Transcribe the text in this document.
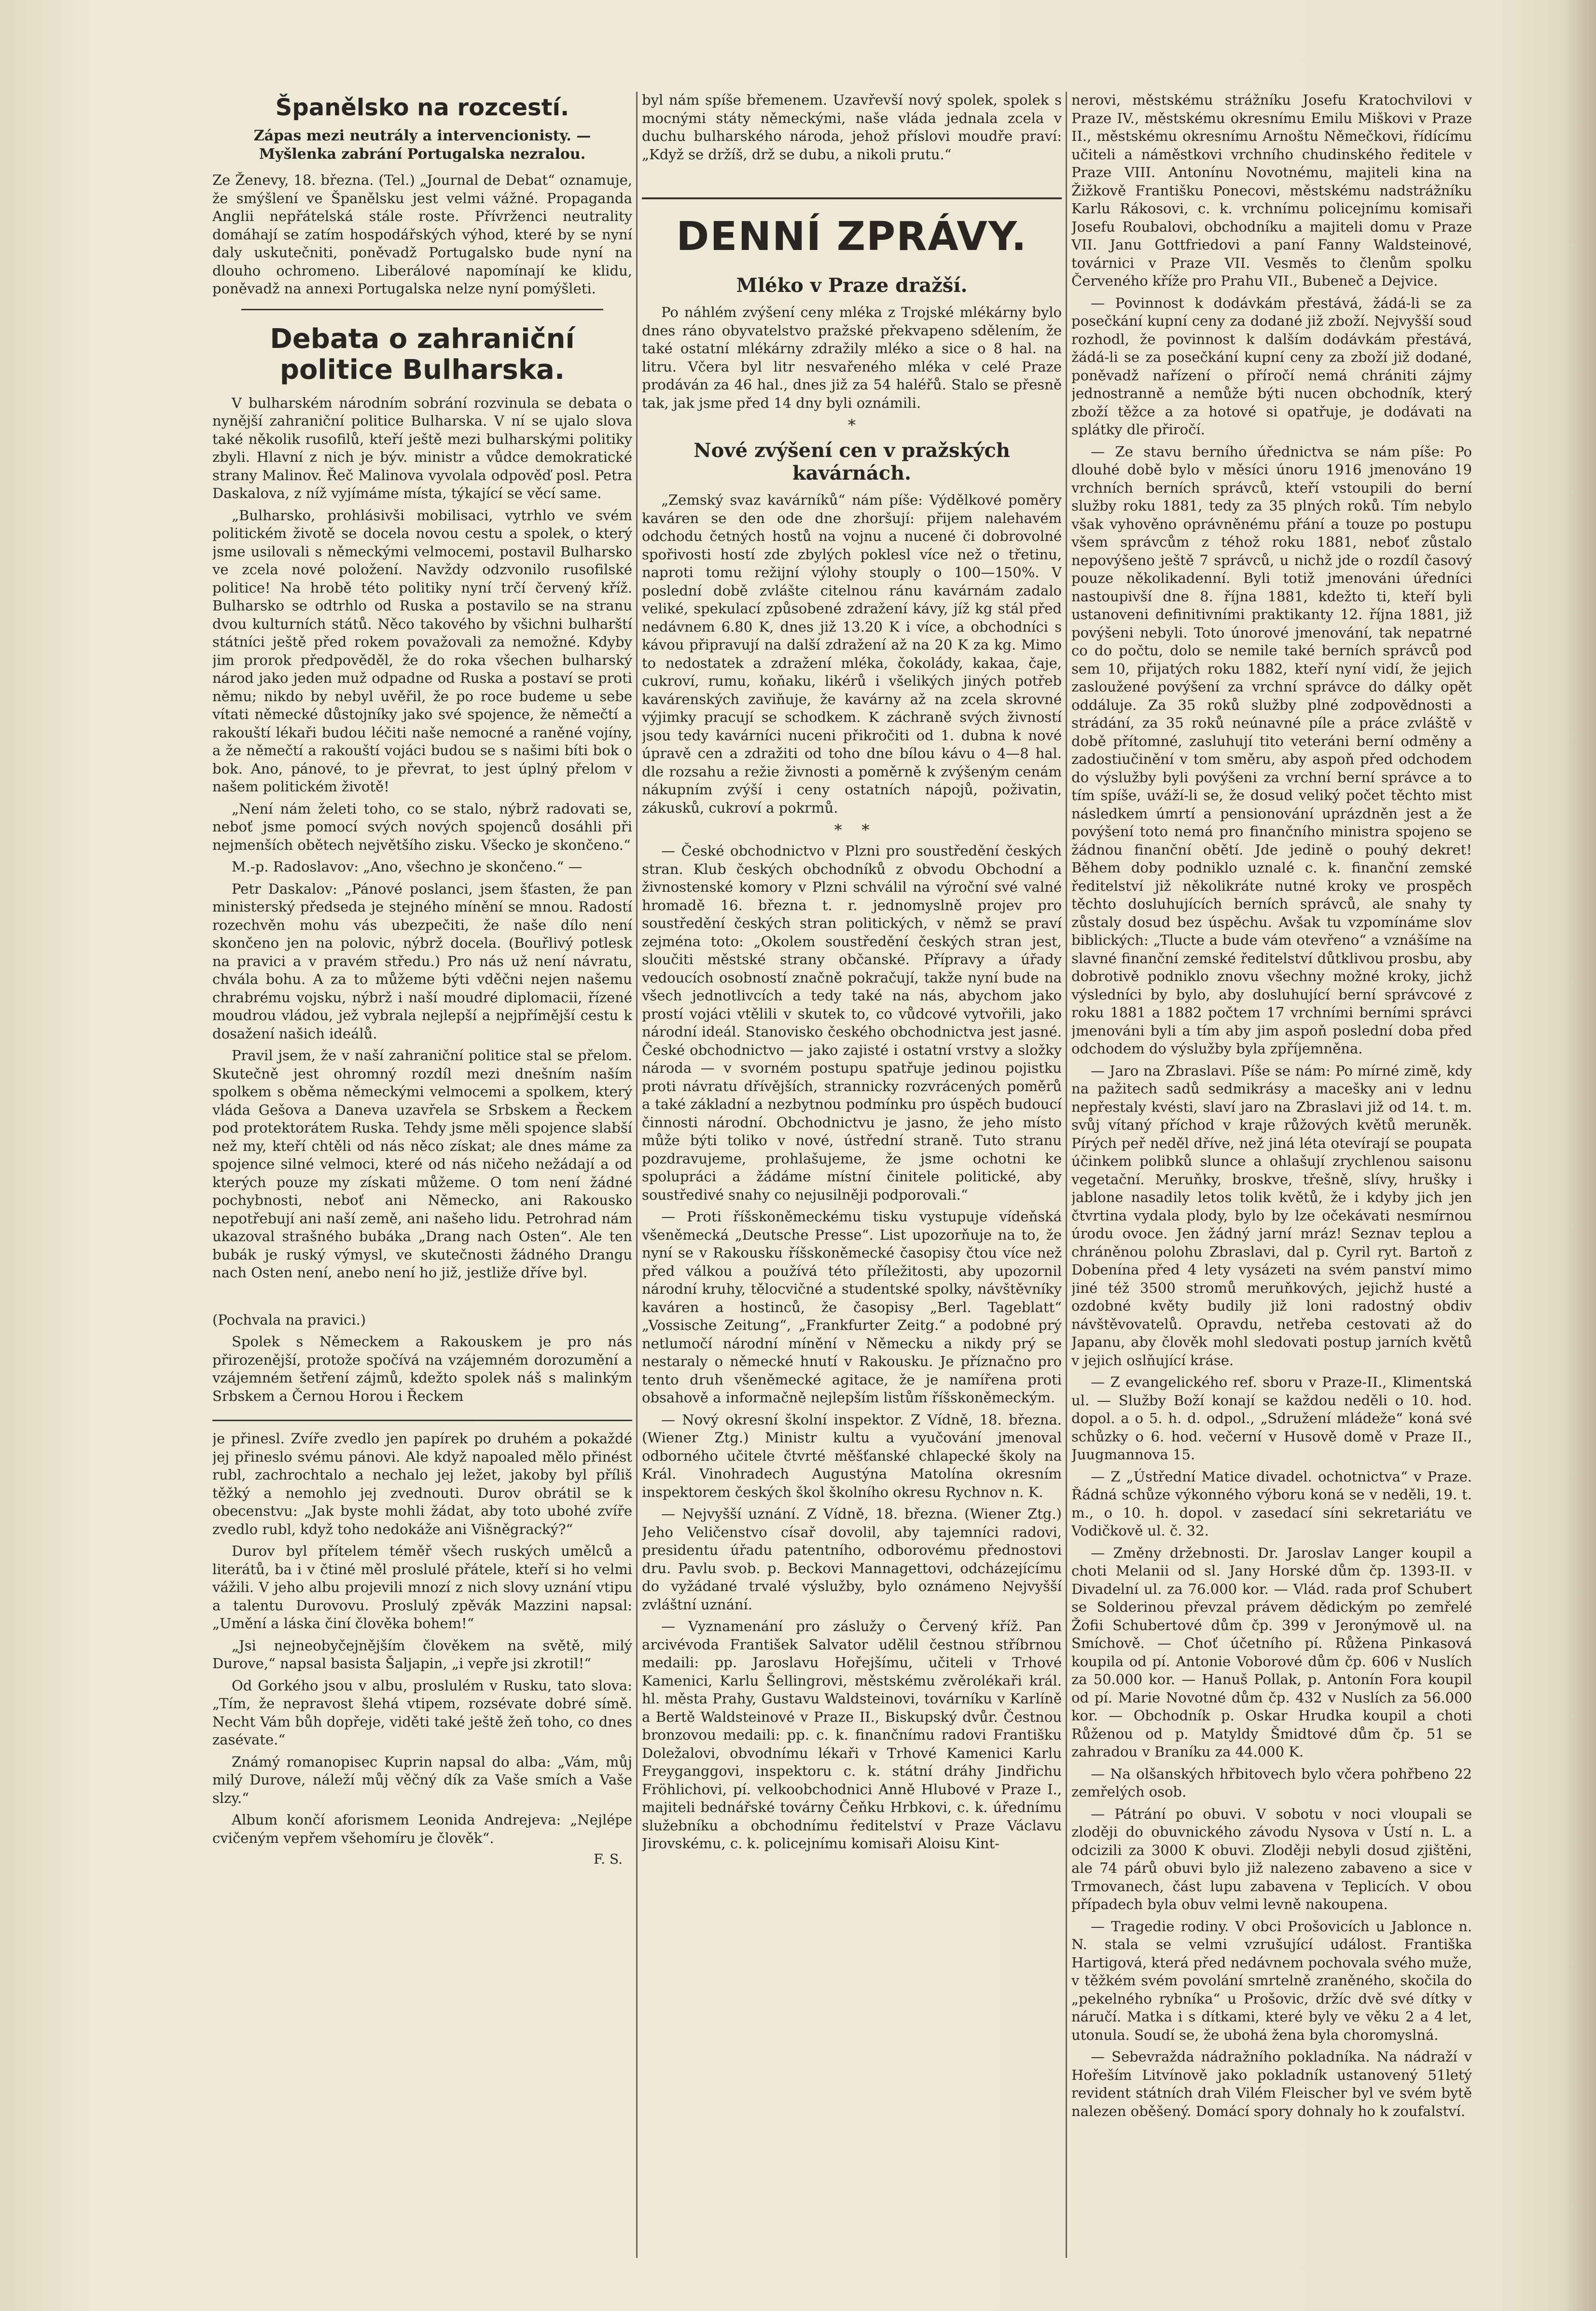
Španělsko na rozcestí.
Zápas mezi neutrály a intervencionisty. — Myšlenka zabrání Portugalska nezralou.

Ze Ženevy, 18. března. (Tel.) „Journal de Debat“ oznamuje, že smýšlení ve Španělsku jest velmi vážné. Propaganda Anglii nepřátelská stále roste. Přívrženci neutrality domáhají se zatím hospodářských výhod, které by se nyní daly uskutečniti, poněvadž Portugalsko bude nyní na dlouho ochromeno. Liberálové napomínají ke klidu, poněvadž na annexi Portugalska nelze nyní pomýšleti.

Debata o zahraniční politice Bulharska.

V bulharském národním sobrání rozvinula se debata o nynější zahraniční politice Bulharska. V ní se ujalo slova také několik rusofilů, kteří ještě mezi bulharskými politiky zbyli. Hlavní z nich je býv. ministr a vůdce demokratické strany Malinov. Řeč Malinova vyvolala odpověď posl. Petra Daskalova, z níž vyjímáme místa, týkající se věcí same.

„Bulharsko, prohlásivši mobilisaci, vytrhlo ve svém politickém životě se docela novou cestu a spolek, o který jsme usilovali s německými velmocemi, postavil Bulharsko ve zcela nové položení. Navždy odzvonilo rusofilské politice! Na hrobě této politiky nyní trčí červený kříž. Bulharsko se odtrhlo od Ruska a postavilo se na stranu dvou kulturních států. Něco takového by všichni bulharští státníci ještě před rokem považovali za nemožné. Kdyby jim prorok předpověděl, že do roka všechen bulharský národ jako jeden muž odpadne od Ruska a postaví se proti němu; nikdo by nebyl uvěřil, že po roce budeme u sebe vítati německé důstojníky jako své spojence, že němečtí a rakouští lékaři budou léčiti naše nemocné a raněné vojíny, a že němečtí a rakouští vojáci budou se s našimi bíti bok o bok. Ano, pánové, to je převrat, to jest úplný přelom v našem politickém životě!

„Není nám želeti toho, co se stalo, nýbrž radovati se, neboť jsme pomocí svých nových spojenců dosáhli při nejmenších obětech největšího zisku. Všecko je skončeno.“

M.-p. Radoslavov: „Ano, všechno je skončeno.“ —

Petr Daskalov: „Pánové poslanci, jsem šťasten, že pan ministerský předseda je stejného mínění se mnou. Radostí rozechvěn mohu vás ubezpečiti, že naše dílo není skončeno jen na polovic, nýbrž docela. (Bouřlivý potlesk na pravici a v pravém středu.) Pro nás už není návratu, chvála bohu. A za to můžeme býti vděčni nejen našemu chrabrému vojsku, nýbrž i naší moudré diplomacii, řízené moudrou vládou, jež vybrala nejlepší a nejpřímější cestu k dosažení našich ideálů.

Pravil jsem, že v naší zahraniční politice stal se přelom. Skutečně jest ohromný rozdíl mezi dnešním naším spolkem s oběma německými velmocemi a spolkem, který vláda Gešova a Daneva uzavřela se Srbskem a Řeckem pod protektorátem Ruska. Tehdy jsme měli spojence slabší než my, kteří chtěli od nás něco získat; ale dnes máme za spojence silné velmoci, které od nás ničeho nežádají a od kterých pouze my získati můžeme. O tom není žádné pochybnosti, neboť ani Německo, ani Rakousko nepotřebují ani naší země, ani našeho lidu. Petrohrad nám ukazoval strašného bubáka „Drang nach Osten“. Ale ten bubák je ruský výmysl, ve skutečnosti žádného Drangu nach Osten není, anebo není ho již, jestliže dříve byl.

(Pochvala na pravici.)

Spolek s Německem a Rakouskem je pro nás přirozenější, protože spočívá na vzájemném dorozumění a vzájemném šetření zájmů, kdežto spolek náš s malinkým Srbskem a Černou Horou i Řeckem

je přinesl. Zvíře zvedlo jen papírek po druhém a pokaždé jej přineslo svému pánovi. Ale když napoaled mělo přinést rubl, zachrochtalo a nechalo jej ležet, jakoby byl příliš těžký a nemohlo jej zvednouti. Durov obrátil se k obecenstvu: „Jak byste mohli žádat, aby toto ubohé zvíře zvedlo rubl, když toho nedokáže ani Višněgracký?“

Durov byl přítelem téměř všech ruských umělců a literátů, ba i v čtiné měl proslulé přátele, kteří si ho velmi vážili. V jeho albu projevili mnozí z nich slovy uznání vtipu a talentu Durovovu. Proslulý zpěvák Mazzini napsal: „Umění a láska činí člověka bohem!“

„Jsi nejneobyčejnějším člověkem na světě, milý Durove,“ napsal basista Šaljapin, „i vepře jsi zkrotil!“

Od Gorkého jsou v albu, proslulém v Rusku, tato slova: „Tím, že nepravost šlehá vtipem, rozsévate dobré símě. Necht Vám bůh dopřeje, viděti také ještě žeň toho, co dnes zasévate.“

Známý romanopisec Kuprin napsal do alba: „Vám, můj milý Durove, náleží můj věčný dík za Vaše smích a Vaše slzy.“

Album končí aforismem Leonida Andrejeva: „Nejlépe cvičeným vepřem všehomíru je člověk“.

F. S.

byl nám spíše břemenem. Uzavřevší nový spolek, spolek s mocnými státy německými, naše vláda jednala zcela v duchu bulharského národa, jehož příslovi moudře praví: „Když se držíš, drž se dubu, a nikoli prutu.“

DENNÍ ZPRÁVY.
Mléko v Praze dražší.

Po náhlém zvýšení ceny mléka z Trojské mlékárny bylo dnes ráno obyvatelstvo pražské překvapeno sdělením, že také ostatní mlékárny zdražily mléko a sice o 8 hal. na litru. Včera byl litr nesvařeného mléka v celé Praze prodáván za 46 hal., dnes již za 54 haléřů. Stalo se přesně tak, jak jsme před 14 dny byli oznámili.

*
Nové zvýšení cen v pražských kavárnách.

„Zemský svaz kavárníků“ nám píše: Výdělkové poměry kaváren se den ode dne zhoršují: přijem nalehavém odchodu četných hostů na vojnu a nucené či dobrovolné spořivosti hostí zde zbylých poklesl více než o třetinu, naproti tomu režijní výlohy stouply o 100—150%. V poslední době zvlášte citelnou ránu kavárnám zadalo veliké, spekulací způsobené zdražení kávy, jíž kg stál před nedávnem 6.80 K, dnes již 13.20 K i více, a obchodníci s kávou připravují na další zdražení až na 20 K za kg. Mimo to nedostatek a zdražení mléka, čokolády, kakaa, čaje, cukroví, rumu, koňaku, likérů i všelikých jiných potřeb kavárenských zaviňuje, že kavárny až na zcela skrovné výjimky pracují se schodkem. K záchraně svých živností jsou tedy kavárníci nuceni přikročiti od 1. dubna k nové úpravě cen a zdražiti od toho dne bílou kávu o 4—8 hal. dle rozsahu a režie živnosti a poměrně k zvýšeným cenám nákupním zvýší i ceny ostatních nápojů, poživatin, zákusků, cukroví a pokrmů.

*    *

— České obchodnictvo v Plzni pro soustředění českých stran. Klub českých obchodníků z obvodu Obchodní a živnostenské komory v Plzni schválil na výroční své valné hromadě 16. března t. r. jednomyslně projev pro soustředění českých stran politických, v němž se praví zejména toto: „Okolem soustředění českých stran jest, sloučiti městské strany občanské. Přípravy a úřady vedoucích osobností značně pokračují, takže nyní bude na všech jednotlivcích a tedy také na nás, abychom jako prostí vojáci vtělili v skutek to, co vůdcové vytvořili, jako národní ideál. Stanovisko českého obchodnictva jest jasné. České obchodnictvo — jako zajisté i ostatní vrstvy a složky národa — v svorném postupu spatřuje jedinou pojistku proti návratu dřívějších, strannicky rozvrácených poměrů a také základní a nezbytnou podmínku pro úspěch budoucí činnosti národní. Obchodnictvu je jasno, že jeho místo může býti toliko v nové, ústřední straně. Tuto stranu pozdravujeme, prohlašujeme, že jsme ochotni ke spolupráci a žádáme místní činitele politické, aby soustředivé snahy co nejusilněji podporovali.“

— Proti říšskoněmeckému tisku vystupuje vídeňská všeněmecká „Deutsche Presse“. List upozorňuje na to, že nyní se v Rakousku říšskoněmecké časopisy čtou více než před válkou a používá této příležitosti, aby upozornil národní kruhy, tělocvičné a studentské spolky, návštěvníky kaváren a hostinců, že časopisy „Berl. Tageblatt“ „Vossische Zeitung“, „Frankfurter Zeitg.“ a podobné prý netlumočí národní mínění v Německu a nikdy prý se nestaraly o německé hnutí v Rakousku. Je příznačno pro tento druh všeněmecké agitace, že je namířena proti obsahově a informačně nejlepším listům říšskoněmeckým.

— Nový okresní školní inspektor. Z Vídně, 18. března. (Wiener Ztg.) Ministr kultu a vyučování jmenoval odborného učitele čtvrté měšťanské chlapecké školy na Král. Vinohradech Augustýna Matolína okresním inspektorem českých škol školního okresu Rychnov n. K.

— Nejvyšší uznání. Z Vídně, 18. března. (Wiener Ztg.) Jeho Veličenstvo císař dovolil, aby tajemníci radovi, presidentu úřadu patentního, odborovému přednostovi dru. Pavlu svob. p. Beckovi Mannagettovi, odcházejícímu do vyžádané trvalé výslužby, bylo oznámeno Nejvyšší zvláštní uznání.

— Vyznamenání pro záslužy o Červený kříž. Pan arcivévoda František Salvator udělil čestnou stříbrnou medaili: pp. Jaroslavu Hořejšímu, učiteli v Trhové Kamenici, Karlu Šellingrovi, městskému zvěrolékaři král. hl. města Prahy, Gustavu Waldsteinovi, továrníku v Karlíně a Bertě Waldsteinové v Praze II., Biskupský dvůr. Čestnou bronzovou medaili: pp. c. k. finančnímu radovi Františku Doležalovi, obvodnímu lékaři v Trhové Kamenici Karlu Freyganggovi, inspektoru c. k. státní dráhy Jindřichu Fröhlichovi, pí. velkoobchodnici Anně Hlubové v Praze I., majiteli bednářské továrny Čeňku Hrbkovi, c. k. úřednímu služebníku a obchodnímu ředitelství v Praze Václavu Jirovskému, c. k. policejnímu komisaři Aloisu Kint-

nerovi, městskému strážníku Josefu Kratochvilovi v Praze IV., městskému okresnímu Emilu Miškovi v Praze II., městskému okresnímu Arnoštu Němečkovi, řídícímu učiteli a náměstkovi vrchního chudinského ředitele v Praze VIII. Antonínu Novotnému, majiteli kina na Žižkově Františku Ponecovi, městskému nadstrážníku Karlu Rákosovi, c. k. vrchnímu policejnímu komisaři Josefu Roubalovi, obchodníku a majiteli domu v Praze VII. Janu Gottfriedovi a paní Fanny Waldsteinové, továrnici v Praze VII. Vesměs to členům spolku Červeného kříže pro Prahu VII., Bubeneč a Dejvice.

— Povinnost k dodávkám přestává, žádá-li se za posečkání kupní ceny za dodané již zboží. Nejvyšší soud rozhodl, že povinnost k dalším dodávkám přestává, žádá-li se za posečkání kupní ceny za zboží již dodané, poněvadž nařízení o příročí nemá chrániti zájmy jednostranně a nemůže býti nucen obchodník, který zboží těžce a za hotové si opatřuje, je dodávati na splátky dle přiročí.

— Ze stavu berního úřednictva se nám píše: Po dlouhé době bylo v měsíci únoru 1916 jmenováno 19 vrchních berních správců, kteří vstoupili do berní služby roku 1881, tedy za 35 plných roků. Tím nebylo však vyhověno oprávněnému přání a touze po postupu všem správcům z téhož roku 1881, neboť zůstalo nepovýšeno ještě 7 správců, u nichž jde o rozdíl časový pouze několikadenní. Byli totiž jmenováni úředníci nastoupivší dne 8. října 1881, kdežto ti, kteří byli ustanoveni definitivními praktikanty 12. října 1881, již povýšeni nebyli. Toto únorové jmenování, tak nepatrné co do počtu, dolo se nemile také berních správců pod sem 10, přijatých roku 1882, kteří nyní vidí, že jejich zasloužené povýšení za vrchní správce do dálky opět oddáluje. Za 35 roků služby plné zodpovědnosti a strádání, za 35 roků neúnavné píle a práce zvláště v době přítomné, zasluhují tito veteráni berní odměny a zadostiučinění v tom směru, aby aspoň před odchodem do výslužby byli povýšeni za vrchní berní správce a to tím spíše, uváží-li se, že dosud veliký počet těchto mist následkem úmrtí a pensionování uprázdněn jest a že povýšení toto nemá pro finančního ministra spojeno se žádnou finanční obětí. Jde jedině o pouhý dekret! Během doby podniklo uznalé c. k. finanční zemské ředitelství již několikráte nutné kroky ve prospěch těchto dosluhujících berních správců, ale snahy ty zůstaly dosud bez úspěchu. Avšak tu vzpomínáme slov biblických: „Tlucte a bude vám otevřeno“ a vznášíme na slavné finanční zemské ředitelství důtklivou prosbu, aby dobrotivě podniklo znovu všechny možné kroky, jichž výsledníci by bylo, aby dosluhující berní správcové z roku 1881 a 1882 počtem 17 vrchními berními správci jmenováni byli a tím aby jim aspoň poslední doba před odchodem do výslužby byla zpříjemněna.

— Jaro na Zbraslavi. Píše se nám: Po mírné zimě, kdy na pažitech sadů sedmikrásy a macešky ani v lednu nepřestaly kvésti, slaví jaro na Zbraslavi již od 14. t. m. svůj vítaný příchod v kraje růžových květů meruněk. Pírých peř neděl dříve, než jiná léta otevírají se poupata účinkem polibků slunce a ohlašují zrychlenou saisonu vegetační. Meruňky, broskve, třešně, slívy, hrušky i jablone nasadily letos tolik květů, že i kdyby jich jen čtvrtina vydala plody, bylo by lze očekávati nesmírnou úrodu ovoce. Jen žádný jarní mráz! Seznav teplou a chráněnou polohu Zbraslavi, dal p. Cyril ryt. Bartoň z Dobenína před 4 lety vysázeti na svém panství mimo jiné též 3500 stromů meruňkových, jejichž husté a ozdobné květy budily již loni radostný obdiv návštěvovatelů. Opravdu, netřeba cestovati až do Japanu, aby člověk mohl sledovati postup jarních květů v jejich oslňující kráse.

— Z evangelického ref. sboru v Praze-II., Klimentská ul. — Služby Boží konají se každou neděli o 10. hod. dopol. a o 5. h. d. odpol., „Sdružení mládeže“ koná své schůzky o 6. hod. večerní v Husově domě v Praze II., Juugmannova 15.

— Z „Ústřední Matice divadel. ochotnictva“ v Praze. Řádná schůze výkonného výboru koná se v neděli, 19. t. m., o 10. h. dopol. v zasedací síni sekretariátu ve Vodičkově ul. č. 32.

— Změny držebnosti. Dr. Jaroslav Langer koupil a choti Melanii od sl. Jany Horské dům čp. 1393-II. v Divadelní ul. za 76.000 kor. — Vlád. rada prof Schubert se Solderinou převzal právem dědickým po zemřelé Žofii Schubertové dům čp. 399 v Jeronýmově ul. na Smíchově. — Choť účetního pí. Růžena Pinkasová koupila od pí. Antonie Voborové dům čp. 606 v Nuslích za 50.000 kor. — Hanuš Pollak, p. Antonín Fora koupil od pí. Marie Novotné dům čp. 432 v Nuslích za 56.000 kor. — Obchodník p. Oskar Hrudka koupil a choti Růženou od p. Matyldy Šmidtové dům čp. 51 se zahradou v Braníku za 44.000 K.

— Na olšanských hřbitovech bylo včera pohřbeno 22 zemřelých osob.

— Pátrání po obuvi. V sobotu v noci vloupali se zloději do obuvnického závodu Nysova v Ústí n. L. a odcizili za 3000 K obuvi. Zloději nebyli dosud zjištěni, ale 74 párů obuvi bylo již nalezeno zabaveno a sice v Trmovanech, část lupu zabavena v Teplicích. V obou případech byla obuv velmi levně nakoupena.

— Tragedie rodiny. V obci Prošovicích u Jablonce n. N. stala se velmi vzrušující událost. Františka Hartigová, která před nedávnem pochovala svého muže, v těžkém svém povolání smrtelně zraněného, skočila do „pekelného rybníka“ u Prošovic, držíc dvě své dítky v náručí. Matka i s dítkami, které byly ve věku 2 a 4 let, utonula. Soudí se, že ubohá žena byla choromyslná.

— Sebevražda nádražního pokladníka. Na nádraží v Hořeším Litvínově jako pokladník ustanovený 51letý revident státních drah Vilém Fleischer byl ve svém bytě nalezen oběšený. Domácí spory dohnaly ho k zoufalství.
